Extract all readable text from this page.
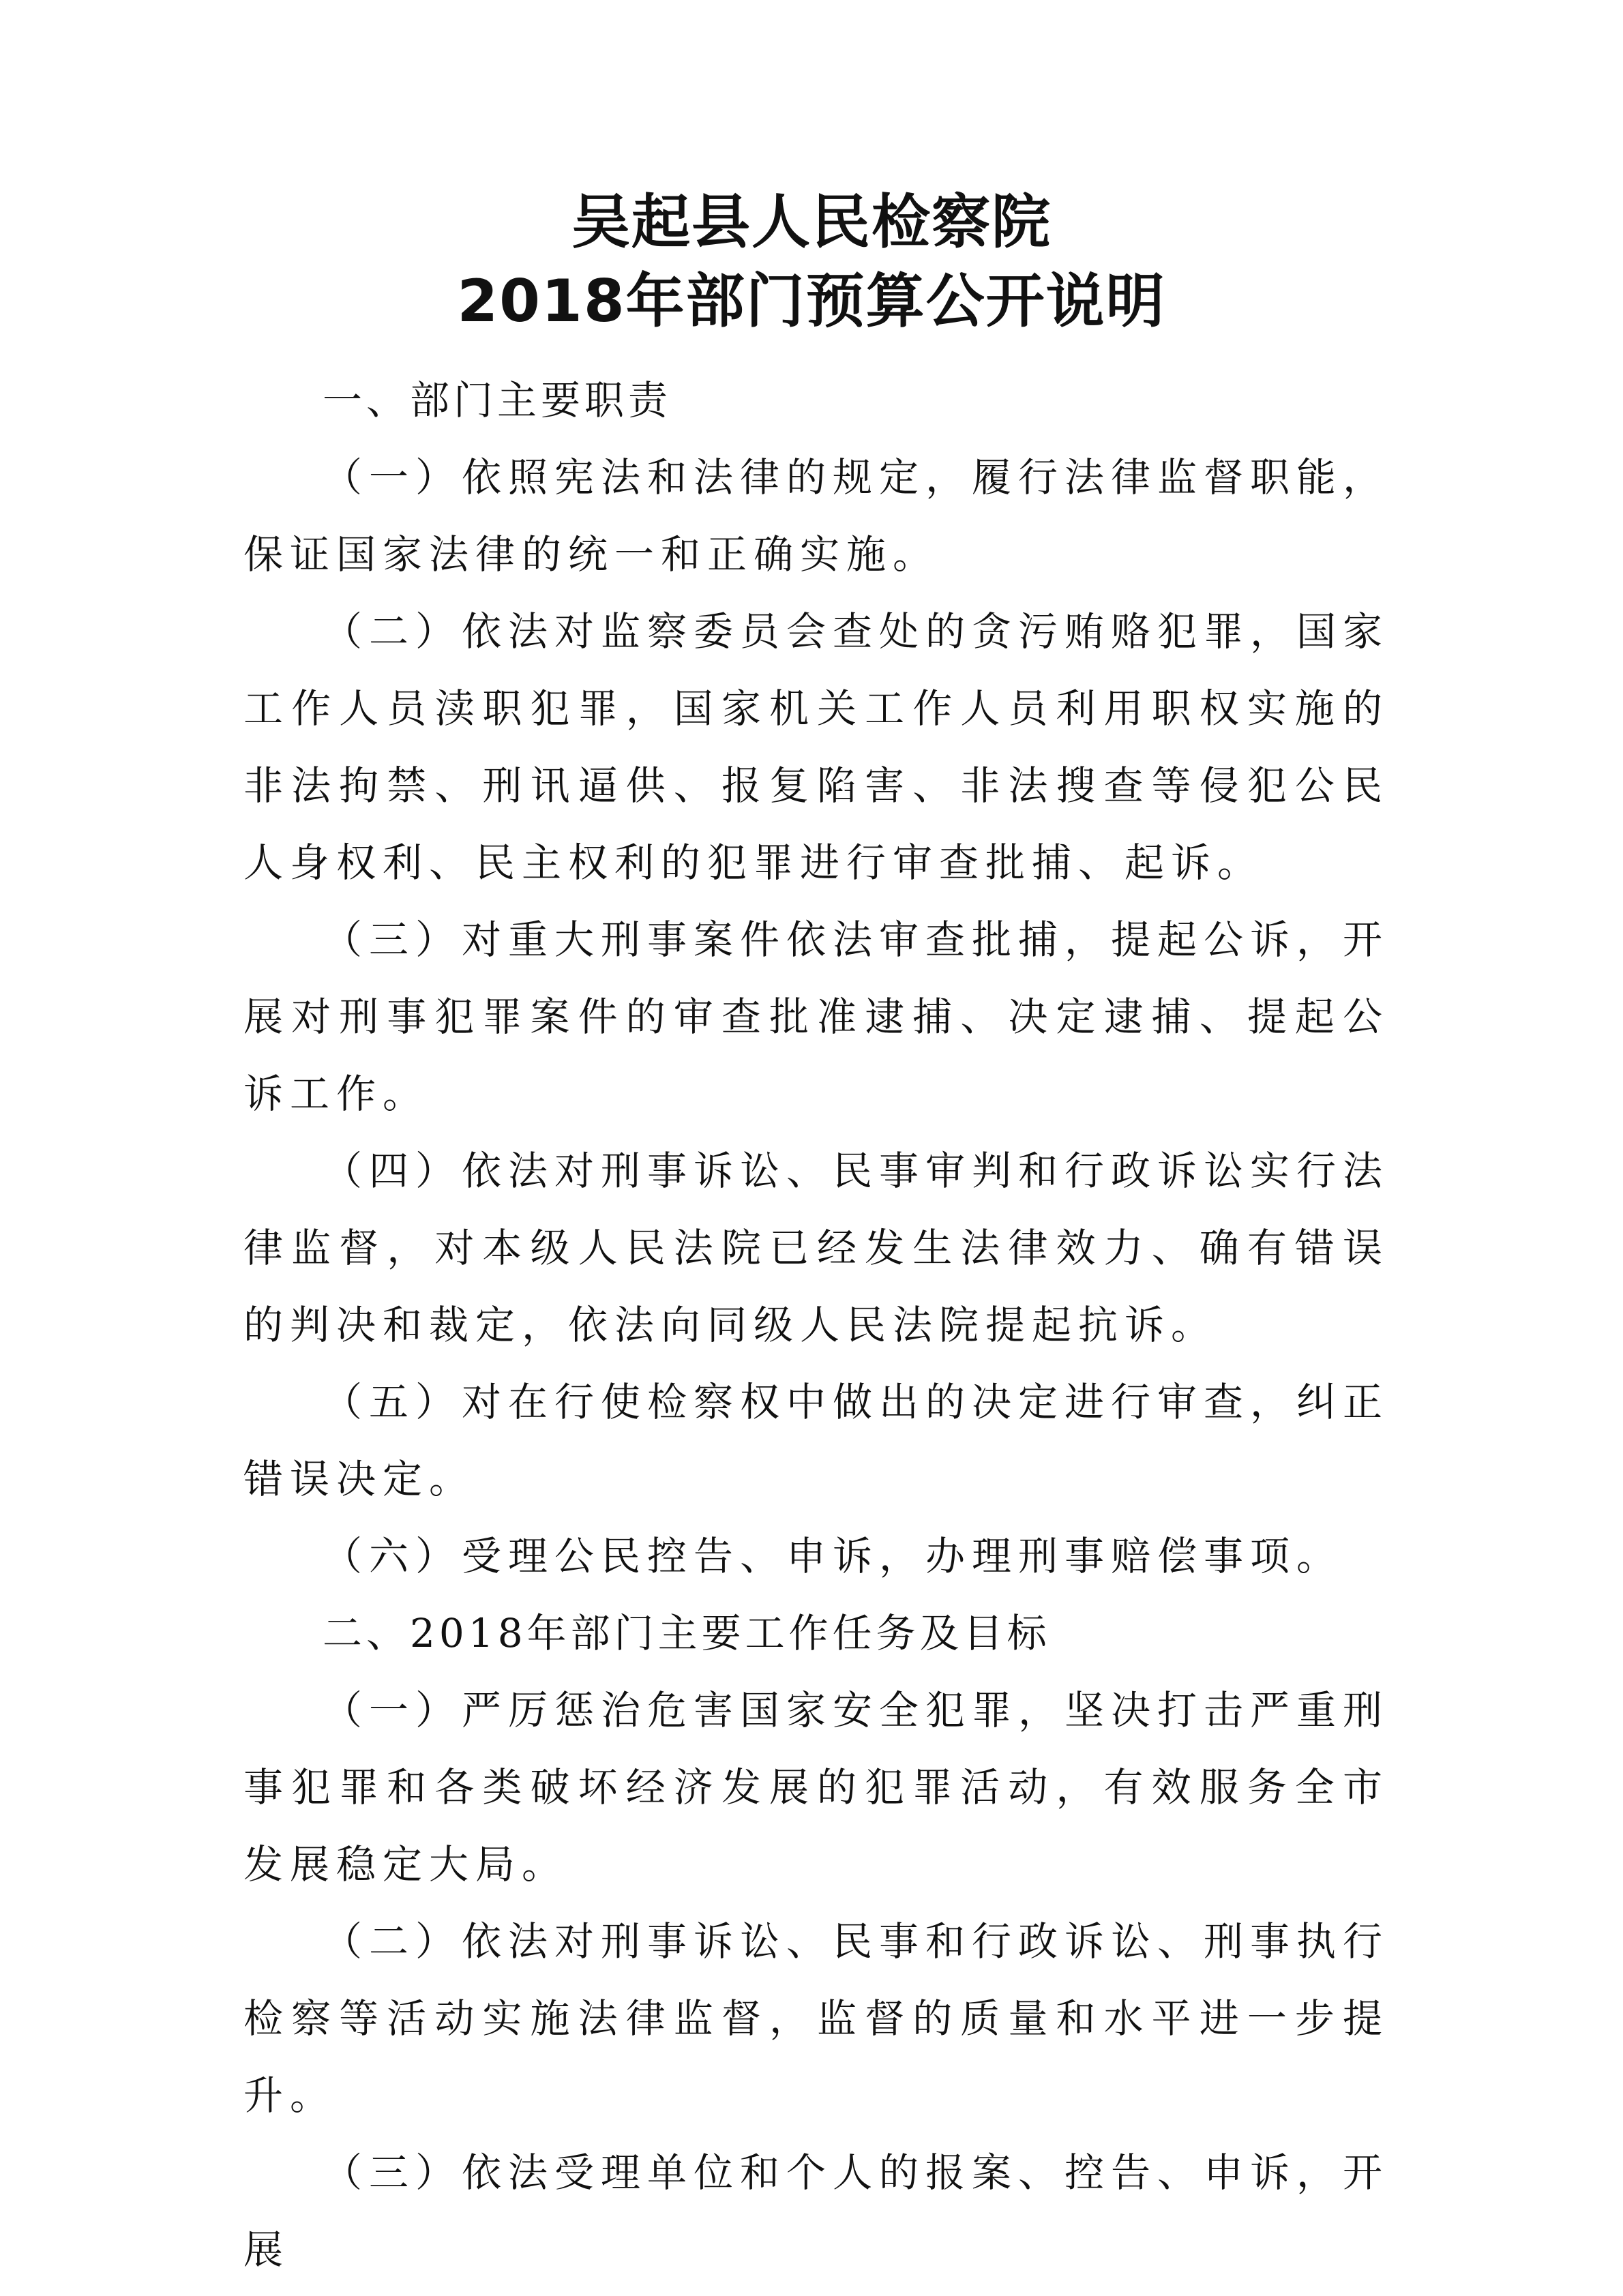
吴起县人民检察院
2018年部门预算公开说明

一、部门主要职责

（一）依照宪法和法律的规定，履行法律监督职能，保证国家法律的统一和正确实施。

（二）依法对监察委员会查处的贪污贿赂犯罪，国家工作人员渎职犯罪，国家机关工作人员利用职权实施的非法拘禁、刑讯逼供、报复陷害、非法搜查等侵犯公民人身权利、民主权利的犯罪进行审查批捕、起诉。

（三）对重大刑事案件依法审查批捕，提起公诉，开展对刑事犯罪案件的审查批准逮捕、决定逮捕、提起公诉工作。

（四）依法对刑事诉讼、民事审判和行政诉讼实行法律监督，对本级人民法院已经发生法律效力、确有错误的判决和裁定，依法向同级人民法院提起抗诉。

（五）对在行使检察权中做出的决定进行审查，纠正错误决定。

（六）受理公民控告、申诉，办理刑事赔偿事项。

二、2018年部门主要工作任务及目标

（一）严厉惩治危害国家安全犯罪，坚决打击严重刑事犯罪和各类破坏经济发展的犯罪活动，有效服务全市发展稳定大局。

（二）依法对刑事诉讼、民事和行政诉讼、刑事执行检察等活动实施法律监督，监督的质量和水平进一步提升。

（三）依法受理单位和个人的报案、控告、申诉，开展
